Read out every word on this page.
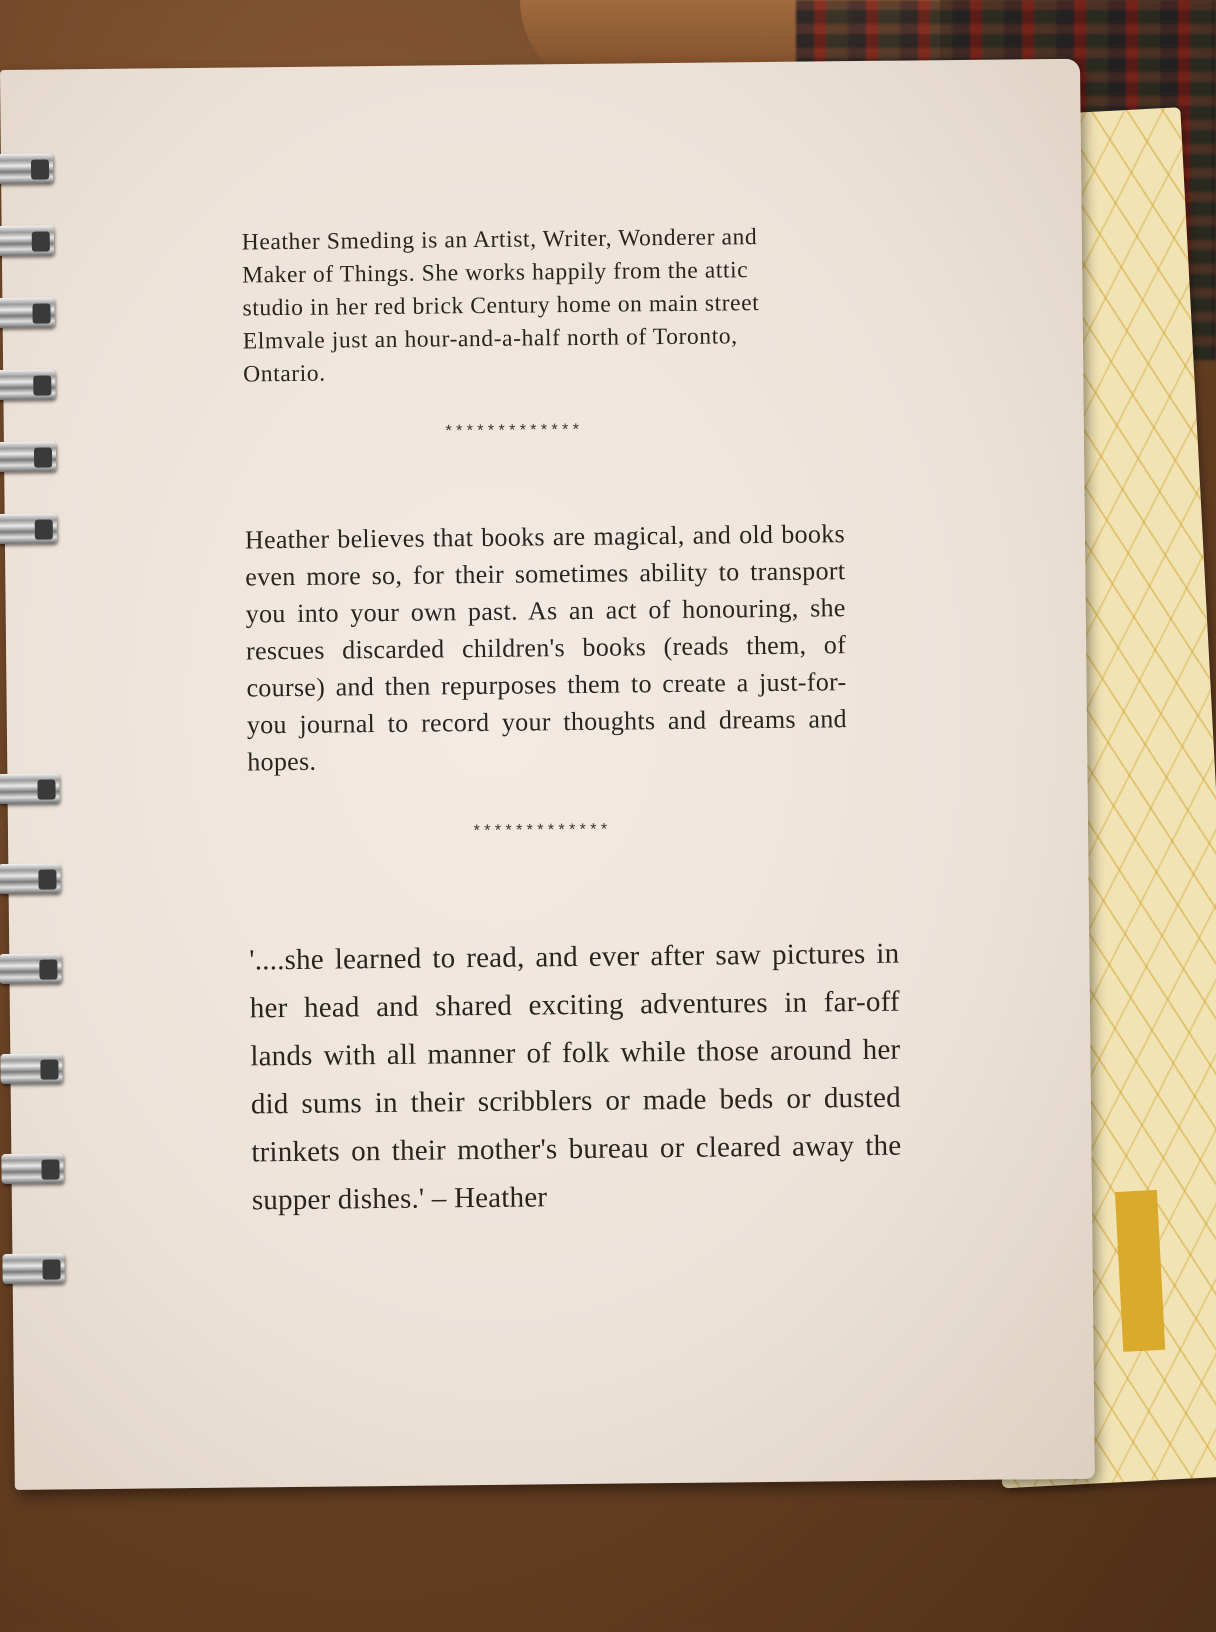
Heather Smeding is an Artist, Writer, Wonderer and Maker of Things. She works happily from the attic studio in her red brick Century home on main street Elmvale just an hour-and-a-half north of Toronto, Ontario.

*************

Heather believes that books are magical, and old books even more so, for their sometimes ability to transport you into your own past. As an act of honouring, she rescues discarded children's books (reads them, of course) and then repurposes them to create a just-for-you journal to record your thoughts and dreams and hopes.

*************

'....she learned to read, and ever after saw pictures in her head and shared exciting adventures in far-off lands with all manner of folk while those around her did sums in their scribblers or made beds or dusted trinkets on their mother's bureau or cleared away the supper dishes.' – Heather
